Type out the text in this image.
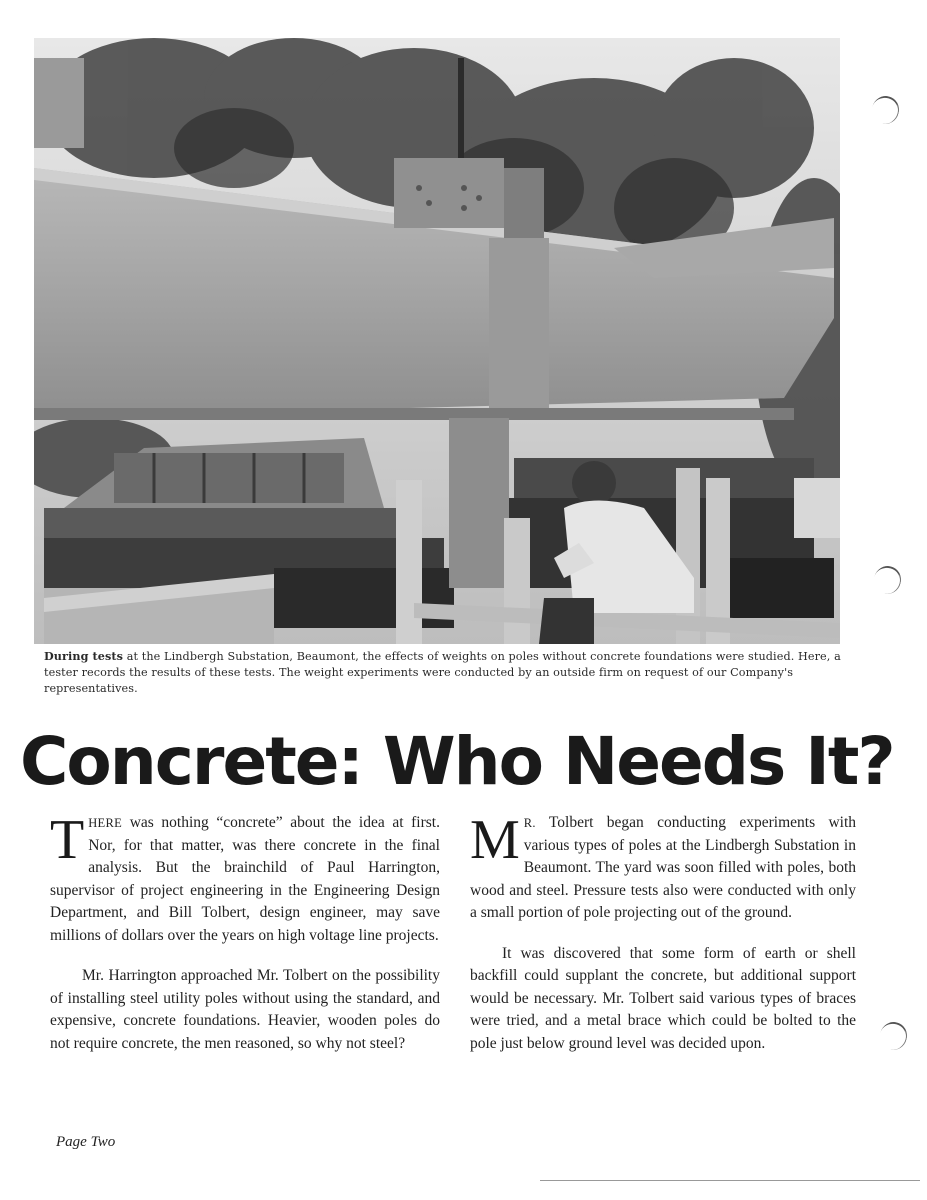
During tests at the Lindbergh Substation, Beaumont, the effects of weights on poles without concrete foundations were studied. Here, a tester records the results of these tests. The weight experiments were conducted by an outside firm on request of our Company's representatives.
Concrete: Who Needs It?

THERE was nothing “concrete” about the idea at first. Nor, for that matter, was there concrete in the final analysis. But the brainchild of Paul Harrington, supervisor of project engineering in the Engineering Design Department, and Bill Tolbert, design engineer, may save millions of dollars over the years on high voltage line projects.

Mr. Harrington approached Mr. Tolbert on the possibility of installing steel utility poles without using the standard, and expensive, concrete foundations. Heavier, wooden poles do not require concrete, the men reasoned, so why not steel?

M R. Tolbert began conducting experiments with various types of poles at the Lindbergh Substation in Beaumont. The yard was soon filled with poles, both wood and steel. Pressure tests also were conducted with only a small portion of pole projecting out of the ground.

It was discovered that some form of earth or shell backfill could supplant the concrete, but additional support would be necessary. Mr. Tolbert said various types of braces were tried, and a metal brace which could be bolted to the pole just below ground level was decided upon.

Page Two
